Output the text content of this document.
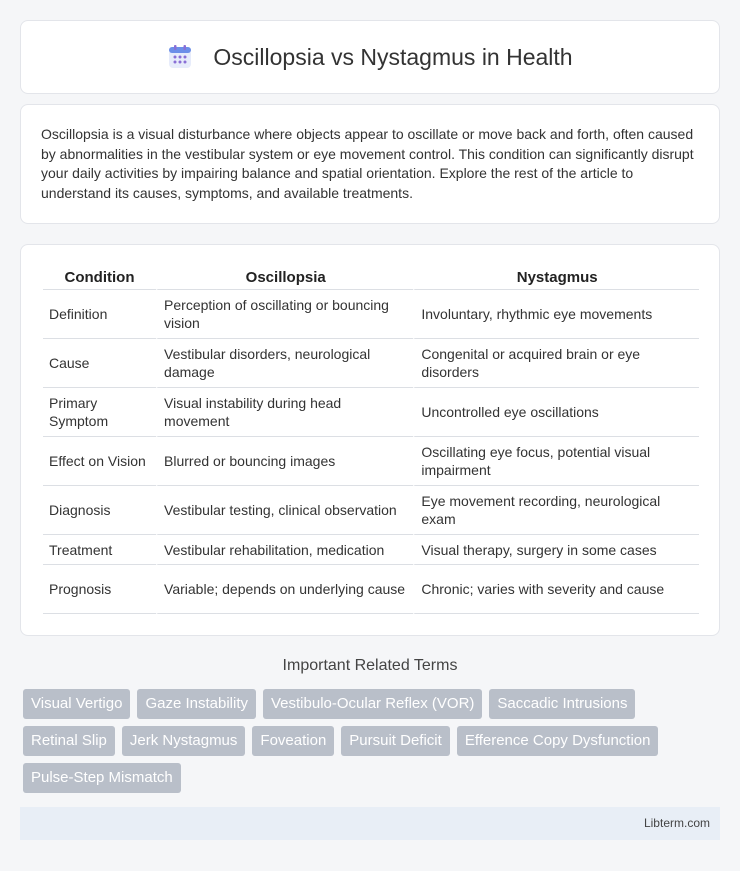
Oscillopsia vs Nystagmus in Health

Oscillopsia is a visual disturbance where objects appear to oscillate or move back and forth, often caused by abnormalities in the vestibular system or eye movement control. This condition can significantly disrupt your daily activities by impairing balance and spatial orientation. Explore the rest of the article to understand its causes, symptoms, and available treatments.

Condition	Oscillopsia	Nystagmus
Definition	Perception of oscillating or bouncing vision	Involuntary, rhythmic eye movements
Cause	Vestibular disorders, neurological damage	Congenital or acquired brain or eye disorders
Primary Symptom	Visual instability during head movement	Uncontrolled eye oscillations
Effect on Vision	Blurred or bouncing images	Oscillating eye focus, potential visual impairment
Diagnosis	Vestibular testing, clinical observation	Eye movement recording, neurological exam
Treatment	Vestibular rehabilitation, medication	Visual therapy, surgery in some cases
Prognosis	Variable; depends on underlying cause	Chronic; varies with severity and cause
Important Related Terms
Visual Vertigo	Gaze Instability	Vestibulo-Ocular Reflex (VOR)	Saccadic Intrusions
Retinal Slip	Jerk Nystagmus	Foveation	Pursuit Deficit	Efference Copy Dysfunction
Pulse-Step Mismatch
Libterm.com
